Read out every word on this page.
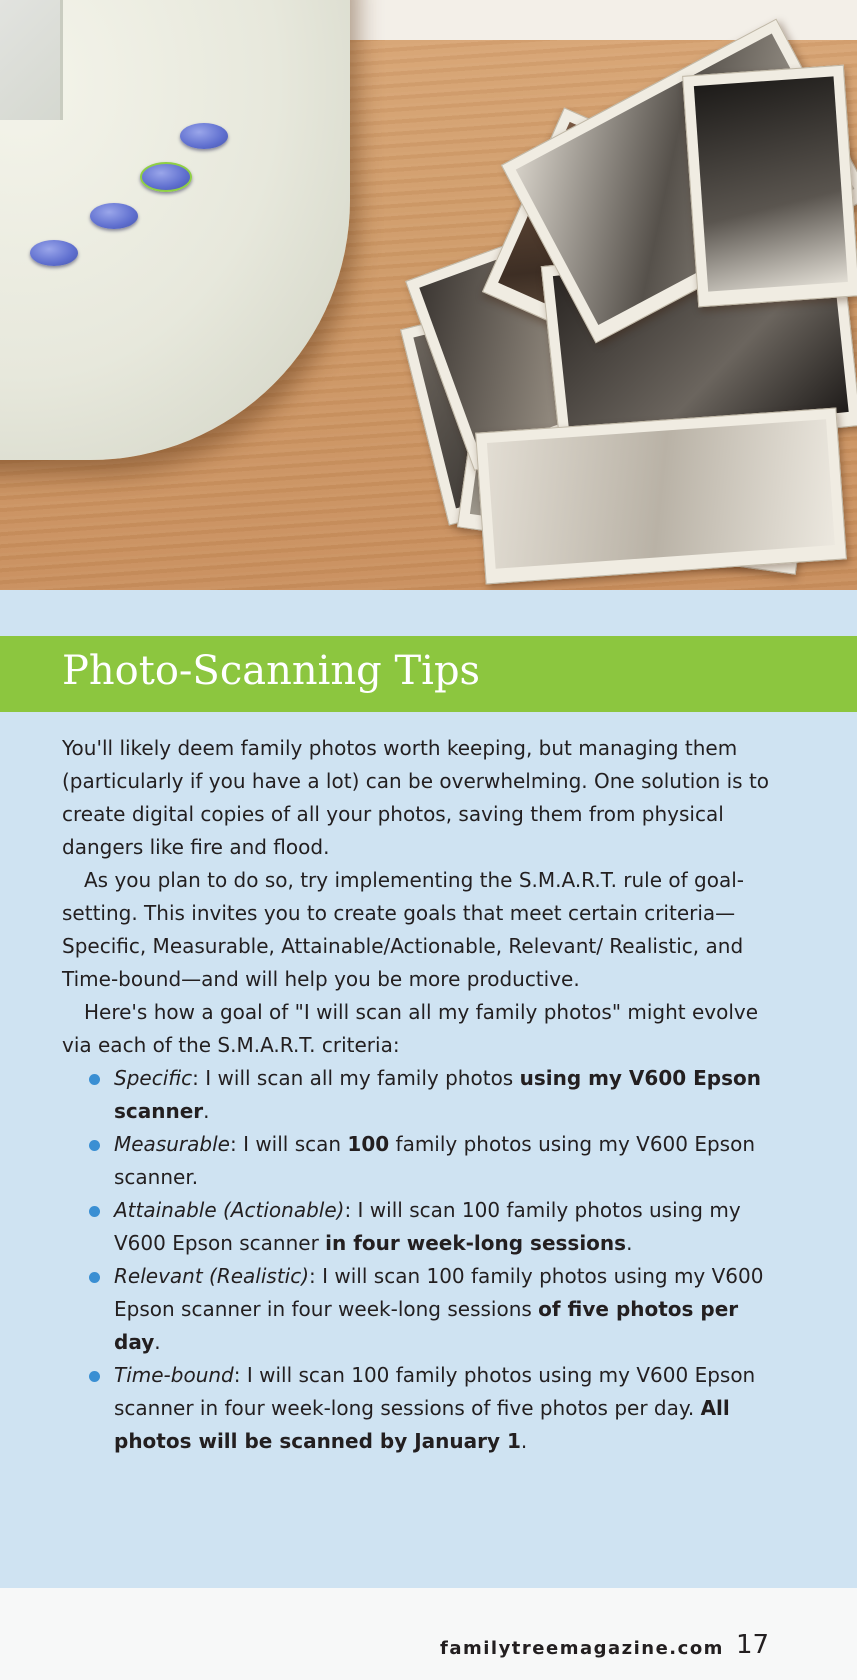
Photo-Scanning Tips

You'll likely deem family photos worth keeping, but managing them (particularly if you have a lot) can be overwhelming. One solution is to create digital copies of all your photos, saving them from physical dangers like fire and flood.

As you plan to do so, try implementing the S.M.A.R.T. rule of goal-setting. This invites you to create goals that meet certain criteria—Specific, Measurable, Attainable/Actionable, Relevant/ Realistic, and Time-bound—and will help you be more productive.

Here's how a goal of "I will scan all my family photos" might evolve via each of the S.M.A.R.T. criteria:

Specific: I will scan all my family photos using my V600 Epson scanner.
Measurable: I will scan 100 family photos using my V600 Epson scanner.
Attainable (Actionable): I will scan 100 family photos using my V600 Epson scanner in four week-long sessions.
Relevant (Realistic): I will scan 100 family photos using my V600 Epson scanner in four week-long sessions of five photos per day.
Time-bound: I will scan 100 family photos using my V600 Epson scanner in four week-long sessions of five photos per day. All photos will be scanned by January 1.
familytreemagazine.com 17
